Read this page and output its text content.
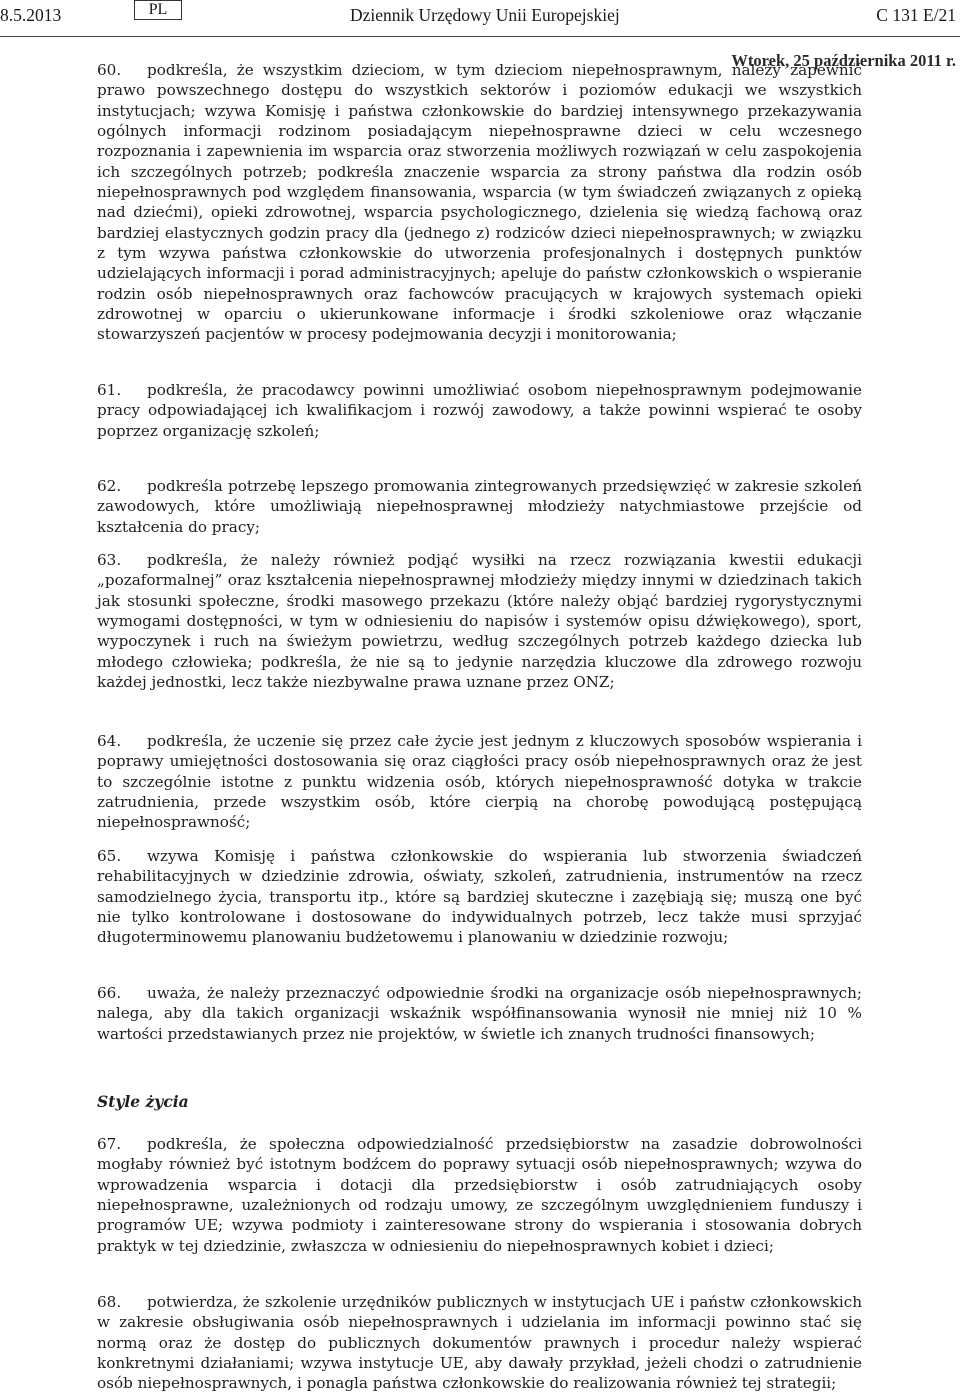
8.5.2013	PL	Dziennik Urzędowy Unii Europejskiej	C 131 E/21
Wtorek, 25 października 2011 r.

60. podkreśla, że wszystkim dzieciom, w tym dzieciom niepełnosprawnym, należy zapewnić prawo powszechnego dostępu do wszystkich sektorów i poziomów edukacji we wszystkich instytucjach; wzywa Komisję i państwa członkowskie do bardziej intensywnego przekazywania ogólnych informacji rodzinom posiadającym niepełnosprawne dzieci w celu wczesnego rozpoznania i zapewnienia im wsparcia oraz stworzenia możliwych rozwiązań w celu zaspokojenia ich szczególnych potrzeb; podkreśla znaczenie wsparcia za strony państwa dla rodzin osób niepełnosprawnych pod względem finansowania, wsparcia (w tym świadczeń związanych z opieką nad dziećmi), opieki zdrowotnej, wsparcia psychologicznego, dzielenia się wiedzą fachową oraz bardziej elastycznych godzin pracy dla (jednego z) rodziców dzieci niepełnosprawnych; w związku z tym wzywa państwa członkowskie do utworzenia profesjonalnych i dostępnych punktów udzielających informacji i porad administracyjnych; apeluje do państw członkowskich o wspieranie rodzin osób niepełnosprawnych oraz fachowców pracujących w krajowych systemach opieki zdrowotnej w oparciu o ukierunkowane informacje i środki szkoleniowe oraz włączanie stowarzyszeń pacjentów w procesy podejmowania decyzji i monitorowania;

61. podkreśla, że pracodawcy powinni umożliwiać osobom niepełnosprawnym podejmowanie pracy odpowiadającej ich kwalifikacjom i rozwój zawodowy, a także powinni wspierać te osoby poprzez organizację szkoleń;

62. podkreśla potrzebę lepszego promowania zintegrowanych przedsięwzięć w zakresie szkoleń zawodowych, które umożliwiają niepełnosprawnej młodzieży natychmiastowe przejście od kształcenia do pracy;

63. podkreśla, że należy również podjąć wysiłki na rzecz rozwiązania kwestii edukacji „pozaformalnej” oraz kształcenia niepełnosprawnej młodzieży między innymi w dziedzinach takich jak stosunki społeczne, środki masowego przekazu (które należy objąć bardziej rygorystycznymi wymogami dostępności, w tym w odniesieniu do napisów i systemów opisu dźwiękowego), sport, wypoczynek i ruch na świeżym powietrzu, według szczególnych potrzeb każdego dziecka lub młodego człowieka; podkreśla, że nie są to jedynie narzędzia kluczowe dla zdrowego rozwoju każdej jednostki, lecz także niezbywalne prawa uznane przez ONZ;

64. podkreśla, że uczenie się przez całe życie jest jednym z kluczowych sposobów wspierania i poprawy umiejętności dostosowania się oraz ciągłości pracy osób niepełnosprawnych oraz że jest to szczególnie istotne z punktu widzenia osób, których niepełnosprawność dotyka w trakcie zatrudnienia, przede wszystkim osób, które cierpią na chorobę powodującą postępującą niepełnosprawność;

65. wzywa Komisję i państwa członkowskie do wspierania lub stworzenia świadczeń rehabilitacyjnych w dziedzinie zdrowia, oświaty, szkoleń, zatrudnienia, instrumentów na rzecz samodzielnego życia, transportu itp., które są bardziej skuteczne i zazębiają się; muszą one być nie tylko kontrolowane i dostosowane do indywidualnych potrzeb, lecz także musi sprzyjać długoterminowemu planowaniu budżetowemu i planowaniu w dziedzinie rozwoju;

66. uważa, że należy przeznaczyć odpowiednie środki na organizacje osób niepełnosprawnych; nalega, aby dla takich organizacji wskaźnik współfinansowania wynosił nie mniej niż 10 % wartości przedstawianych przez nie projektów, w świetle ich znanych trudności finansowych;

Style życia

67. podkreśla, że społeczna odpowiedzialność przedsiębiorstw na zasadzie dobrowolności mogłaby również być istotnym bodźcem do poprawy sytuacji osób niepełnosprawnych; wzywa do wprowadzenia wsparcia i dotacji dla przedsiębiorstw i osób zatrudniających osoby niepełnosprawne, uzależnionych od rodzaju umowy, ze szczególnym uwzględnieniem funduszy i programów UE; wzywa podmioty i zainteresowane strony do wspierania i stosowania dobrych praktyk w tej dziedzinie, zwłaszcza w odniesieniu do niepełnosprawnych kobiet i dzieci;

68. potwierdza, że szkolenie urzędników publicznych w instytucjach UE i państw członkowskich w zakresie obsługiwania osób niepełnosprawnych i udzielania im informacji powinno stać się normą oraz że dostęp do publicznych dokumentów prawnych i procedur należy wspierać konkretnymi działaniami; wzywa instytucje UE, aby dawały przykład, jeżeli chodzi o zatrudnienie osób niepełnosprawnych, i ponagla państwa członkowskie do realizowania również tej strategii;
